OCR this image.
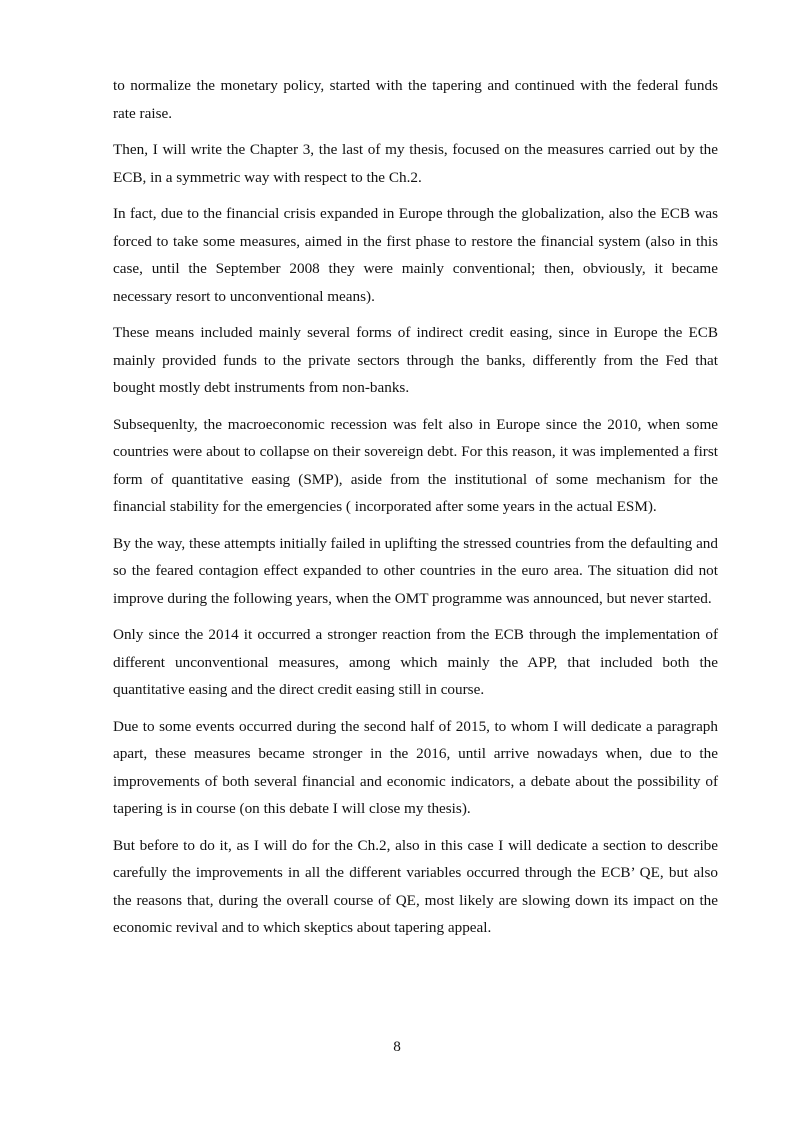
to normalize the monetary policy, started with the tapering and continued with the federal funds rate raise.

Then, I will write the Chapter 3, the last of my thesis, focused on the measures carried out by the ECB, in a symmetric way with respect to the Ch.2.

In fact, due to the financial crisis expanded in Europe through the globalization, also the ECB was forced to take some measures, aimed in the first phase to restore the financial system (also in this case, until the September 2008 they were mainly conventional; then, obviously, it became necessary resort to unconventional means).

These means included mainly several forms of indirect credit easing, since in Europe the ECB mainly provided funds to the private sectors through the banks, differently from the Fed that bought mostly debt instruments from non-banks.

Subsequenlty, the macroeconomic recession was felt also in Europe since the 2010, when some countries were about to collapse on their sovereign debt. For this reason, it was implemented a first form of quantitative easing (SMP), aside from the institutional of some mechanism for the financial stability for the emergencies ( incorporated after some years in the actual ESM).

By the way, these attempts initially failed in uplifting the stressed countries from the defaulting and so the feared contagion effect expanded to other countries in the euro area. The situation did not improve during the following years, when the OMT programme was announced, but never started.

Only since the 2014 it occurred a stronger reaction from the ECB through the implementation of different unconventional measures, among which mainly the APP, that included both the quantitative easing and the direct credit easing still in course.

Due to some events occurred during the second half of 2015, to whom I will dedicate a paragraph apart, these measures became stronger in the 2016, until arrive nowadays when, due to the improvements of both several financial and economic indicators, a debate about the possibility of tapering is in course (on this debate I will close my thesis).

But before to do it, as I will do for the Ch.2, also in this case I will dedicate a section to describe carefully the improvements in all the different variables occurred through the ECB’ QE, but also the reasons that, during the overall course of QE, most likely are slowing down its impact on the economic revival and to which skeptics about tapering appeal.

8
